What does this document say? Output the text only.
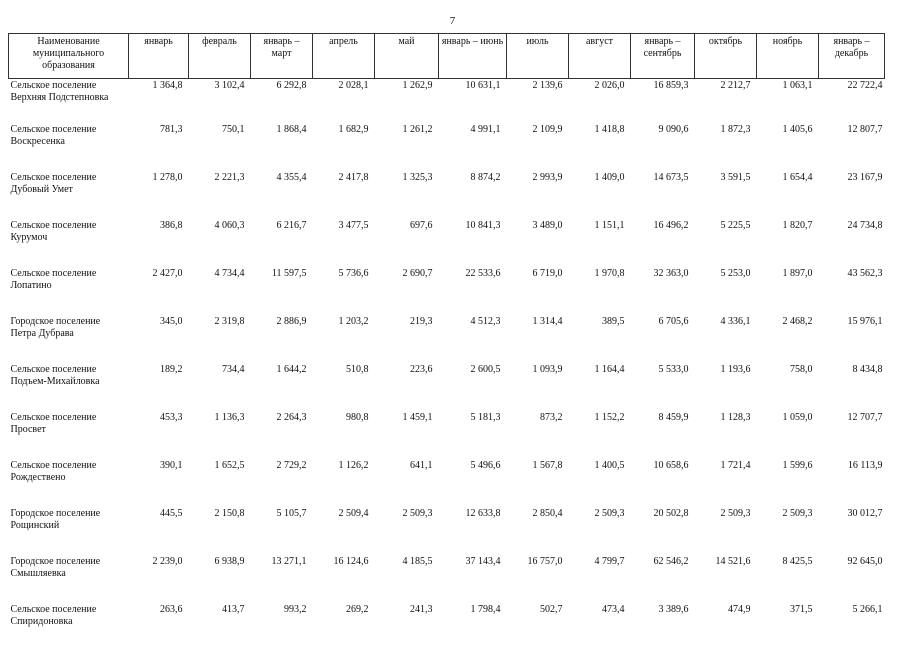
7
Наименование муниципального образования	январь	февраль	январь – март	апрель	май	январь – июнь	июль	август	январь – сентябрь	октябрь	ноябрь	январь – декабрь

Сельское поселение
Верхняя Подстепновка	1 364,8	3 102,4	6 292,8	2 028,1	1 262,9	10 631,1	2 139,6	2 026,0	16 859,3	2 212,7	1 063,1	22 722,4

Сельское поселение
Воскресенка	781,3	750,1	1 868,4	1 682,9	1 261,2	4 991,1	2 109,9	1 418,8	9 090,6	1 872,3	1 405,6	12 807,7

Сельское поселение
Дубовый Умет	1 278,0	2 221,3	4 355,4	2 417,8	1 325,3	8 874,2	2 993,9	1 409,0	14 673,5	3 591,5	1 654,4	23 167,9

Сельское поселение
Курумоч	386,8	4 060,3	6 216,7	3 477,5	697,6	10 841,3	3 489,0	1 151,1	16 496,2	5 225,5	1 820,7	24 734,8

Сельское поселение
Лопатино	2 427,0	4 734,4	11 597,5	5 736,6	2 690,7	22 533,6	6 719,0	1 970,8	32 363,0	5 253,0	1 897,0	43 562,3

Городское поселение
Петра Дубрава	345,0	2 319,8	2 886,9	1 203,2	219,3	4 512,3	1 314,4	389,5	6 705,6	4 336,1	2 468,2	15 976,1

Сельское поселение
Подъем-Михайловка	189,2	734,4	1 644,2	510,8	223,6	2 600,5	1 093,9	1 164,4	5 533,0	1 193,6	758,0	8 434,8

Сельское поселение
Просвет	453,3	1 136,3	2 264,3	980,8	1 459,1	5 181,3	873,2	1 152,2	8 459,9	1 128,3	1 059,0	12 707,7

Сельское поселение
Рождествено	390,1	1 652,5	2 729,2	1 126,2	641,1	5 496,6	1 567,8	1 400,5	10 658,6	1 721,4	1 599,6	16 113,9

Городское поселение
Рощинский	445,5	2 150,8	5 105,7	2 509,4	2 509,3	12 633,8	2 850,4	2 509,3	20 502,8	2 509,3	2 509,3	30 012,7

Городское поселение
Смышляевка	2 239,0	6 938,9	13 271,1	16 124,6	4 185,5	37 143,4	16 757,0	4 799,7	62 546,2	14 521,6	8 425,5	92 645,0

Сельское поселение
Спиридоновка	263,6	413,7	993,2	269,2	241,3	1 798,4	502,7	473,4	3 389,6	474,9	371,5	5 266,1
